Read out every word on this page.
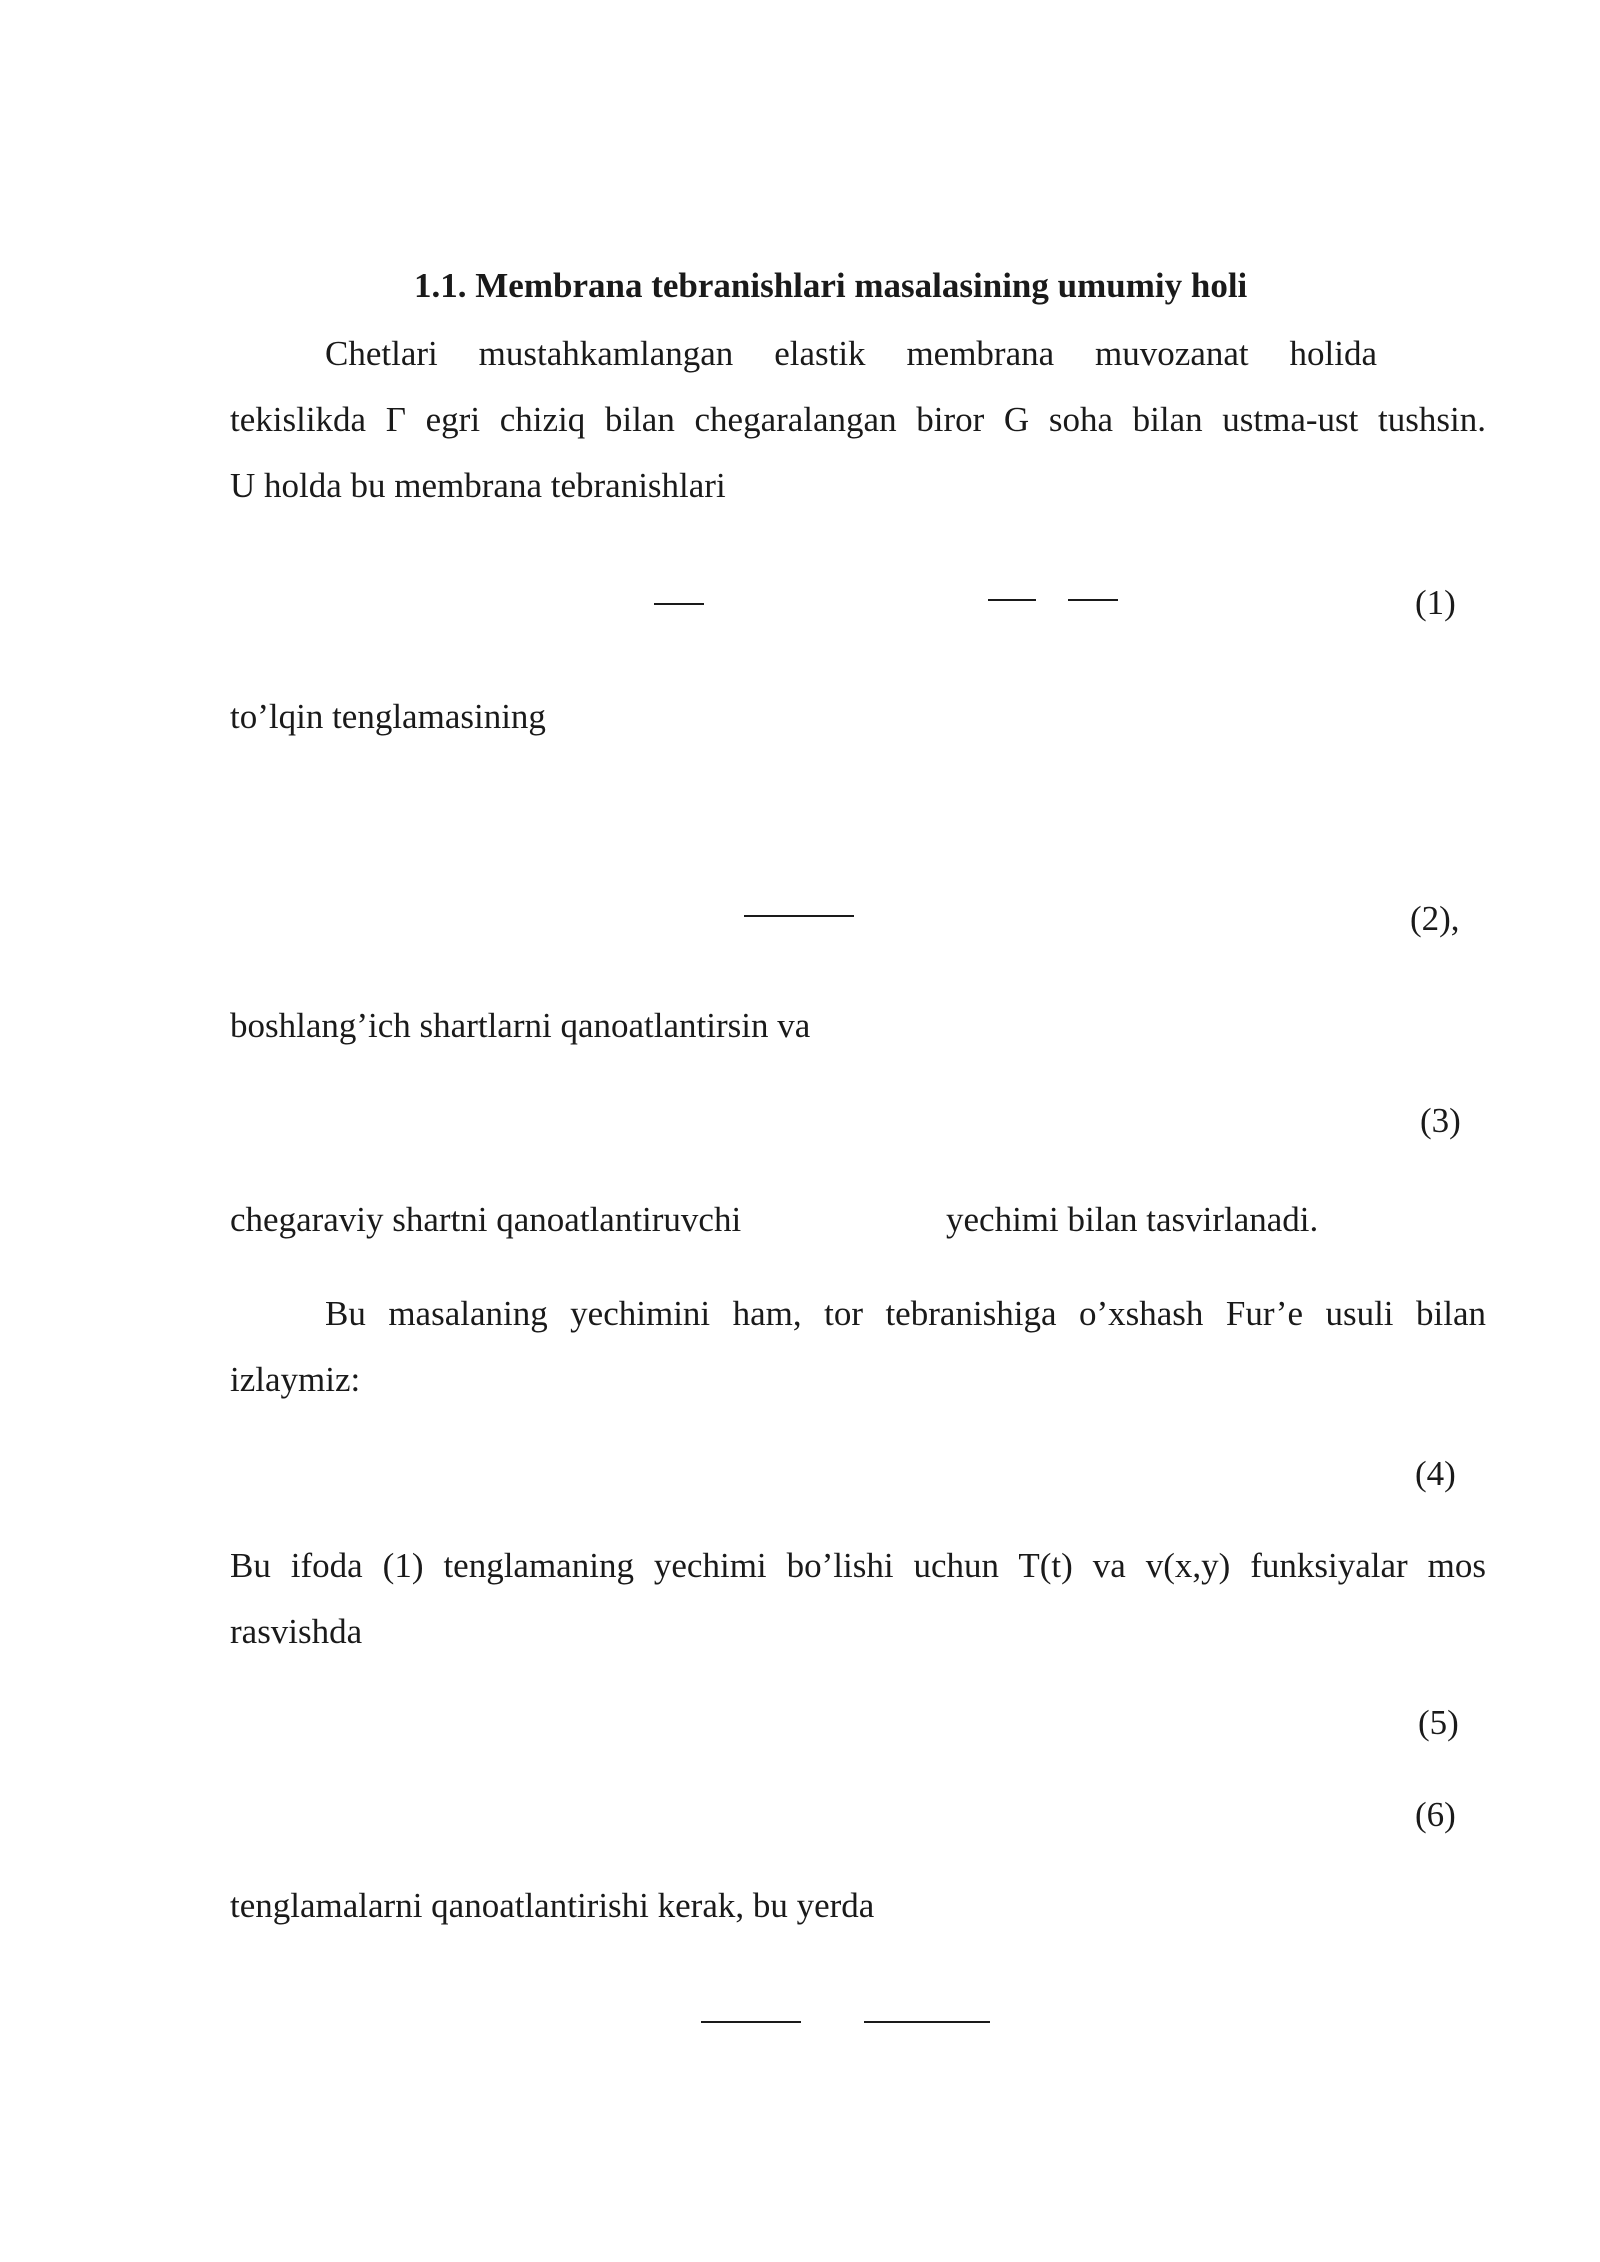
1.1. Membrana tebranishlari masalasining umumiy holi
Chetlari mustahkamlangan elastik membrana muvozanat holida
tekislikda Γ egri chiziq bilan chegaralangan biror G soha bilan ustma-ust tushsin.
U holda bu membrana tebranishlari
(1)
to’lqin tenglamasining
(2),
boshlang’ich shartlarni qanoatlantirsin va
(3)
chegaraviy shartni qanoatlantiruvchi	yechimi bilan tasvirlanadi.
Bu masalaning yechimini ham, tor tebranishiga o’xshash Fur’e usuli bilan
izlaymiz:
(4)
Bu ifoda (1) tenglamaning yechimi bo’lishi uchun T(t) va v(x,y) funksiyalar mos
rasvishda
(5)
(6)
tenglamalarni qanoatlantirishi kerak, bu yerda
